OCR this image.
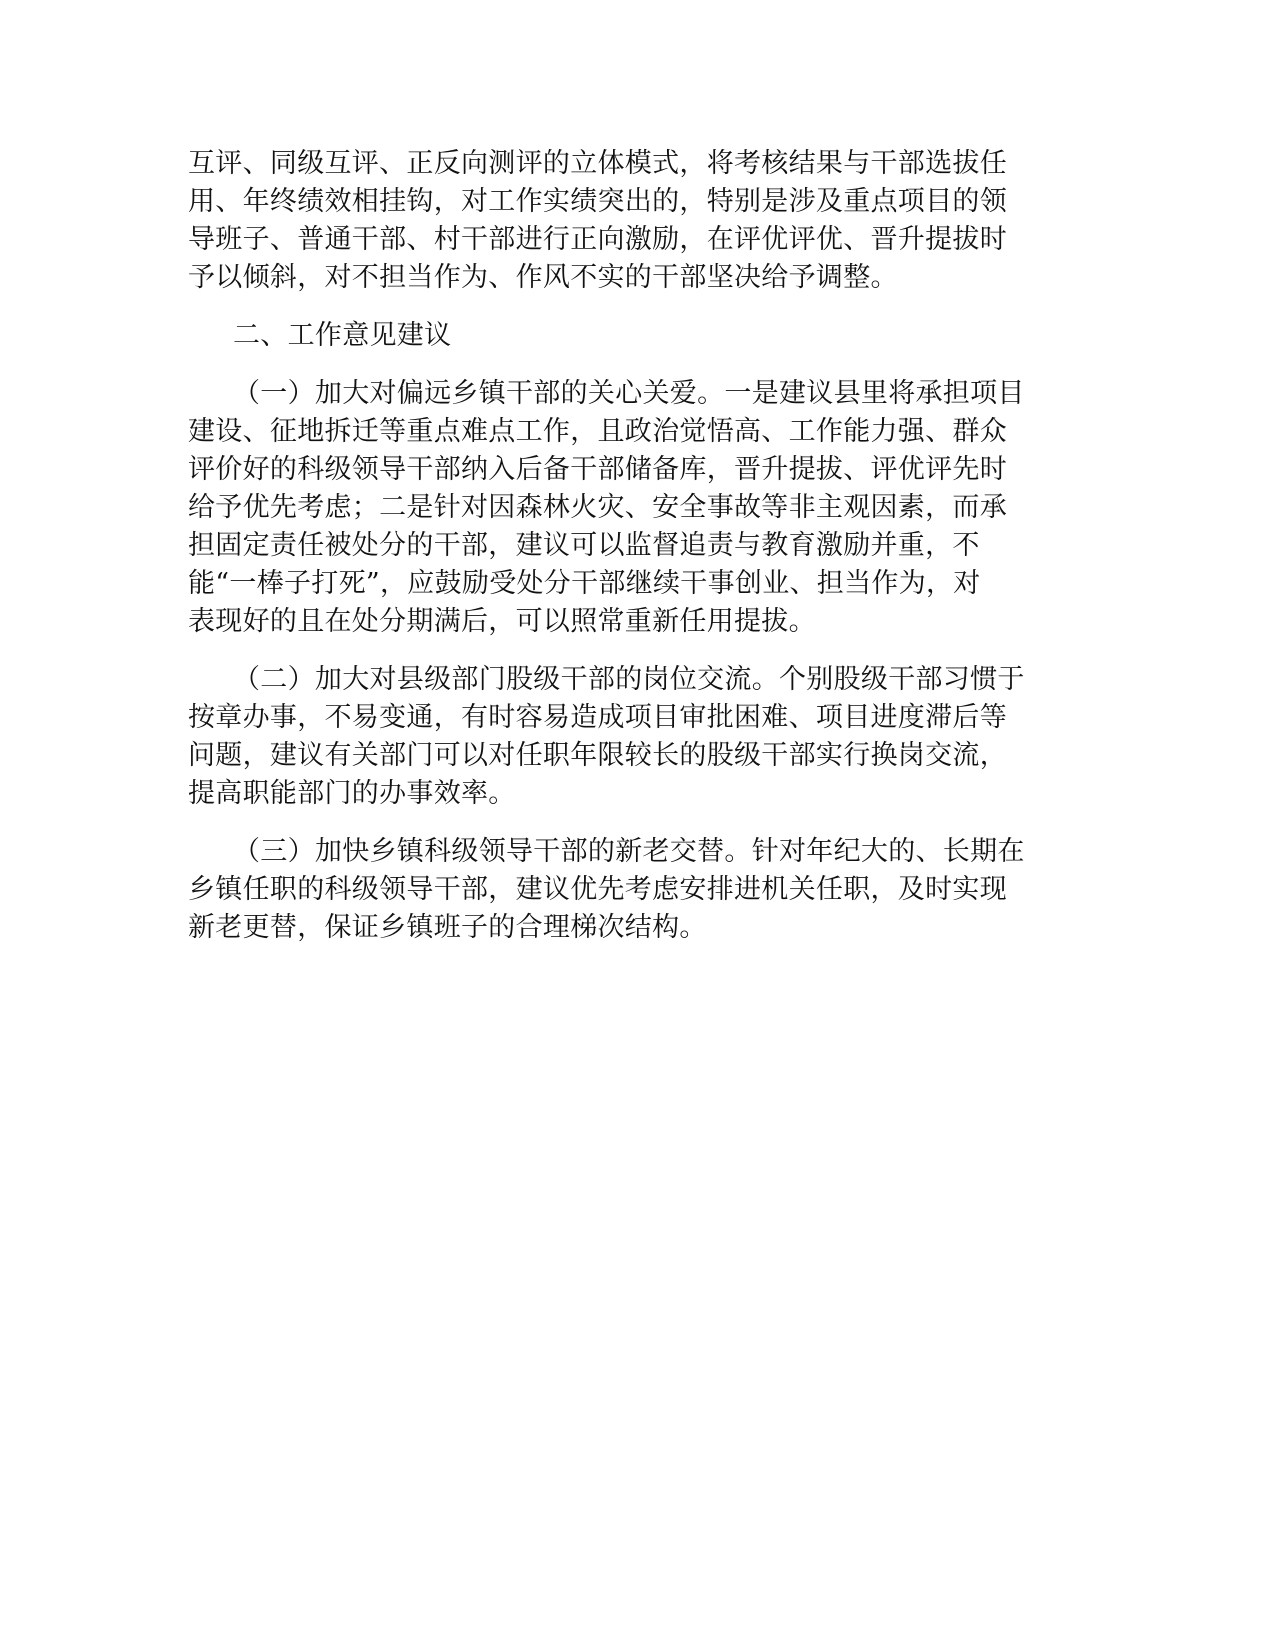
互评、同级互评、正反向测评的立体模式，将考核结果与干部选拔任
用、年终绩效相挂钩，对工作实绩突出的，特别是涉及重点项目的领
导班子、普通干部、村干部进行正向激励，在评优评优、晋升提拔时
予以倾斜，对不担当作为、作风不实的干部坚决给予调整。

二、工作意见建议

（一）加大对偏远乡镇干部的关心关爱。一是建议县里将承担项目
建设、征地拆迁等重点难点工作，且政治觉悟高、工作能力强、群众
评价好的科级领导干部纳入后备干部储备库，晋升提拔、评优评先时
给予优先考虑；二是针对因森林火灾、安全事故等非主观因素，而承
担固定责任被处分的干部，建议可以监督追责与教育激励并重，不
能“一棒子打死”，应鼓励受处分干部继续干事创业、担当作为，对
表现好的且在处分期满后，可以照常重新任用提拔。

（二）加大对县级部门股级干部的岗位交流。个别股级干部习惯于
按章办事，不易变通，有时容易造成项目审批困难、项目进度滞后等
问题，建议有关部门可以对任职年限较长的股级干部实行换岗交流，
提高职能部门的办事效率。

（三）加快乡镇科级领导干部的新老交替。针对年纪大的、长期在
乡镇任职的科级领导干部，建议优先考虑安排进机关任职，及时实现
新老更替，保证乡镇班子的合理梯次结构。
